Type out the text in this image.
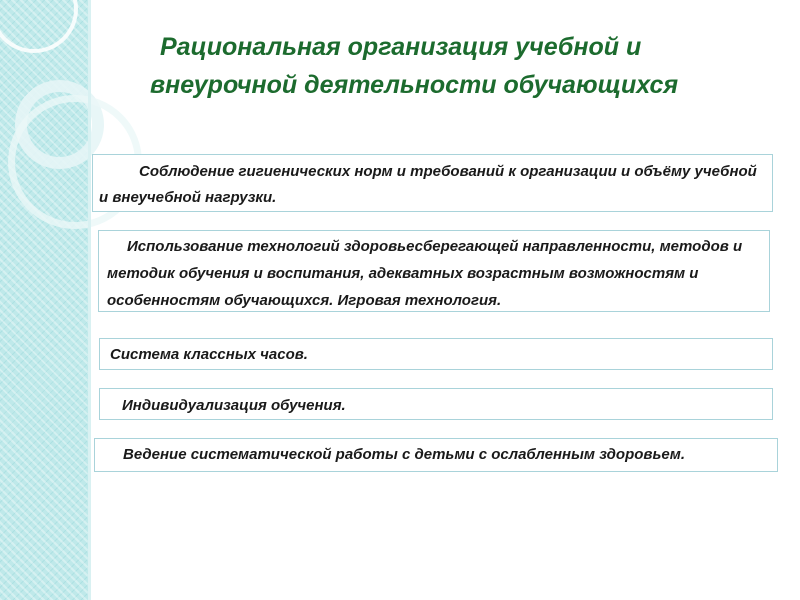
Рациональная организация учебной и
внеурочной деятельности обучающихся
Соблюдение гигиенических норм и требований к организации и объёму учебной и внеучебной нагрузки.
Использование технологий здоровьесберегающей направленности, методов и методик обучения и воспитания, адекватных возрастным возможностям и особенностям обучающихся. Игровая технология.
Система классных часов.
Индивидуализация обучения.
Ведение систематической работы с детьми с ослабленным здоровьем.
